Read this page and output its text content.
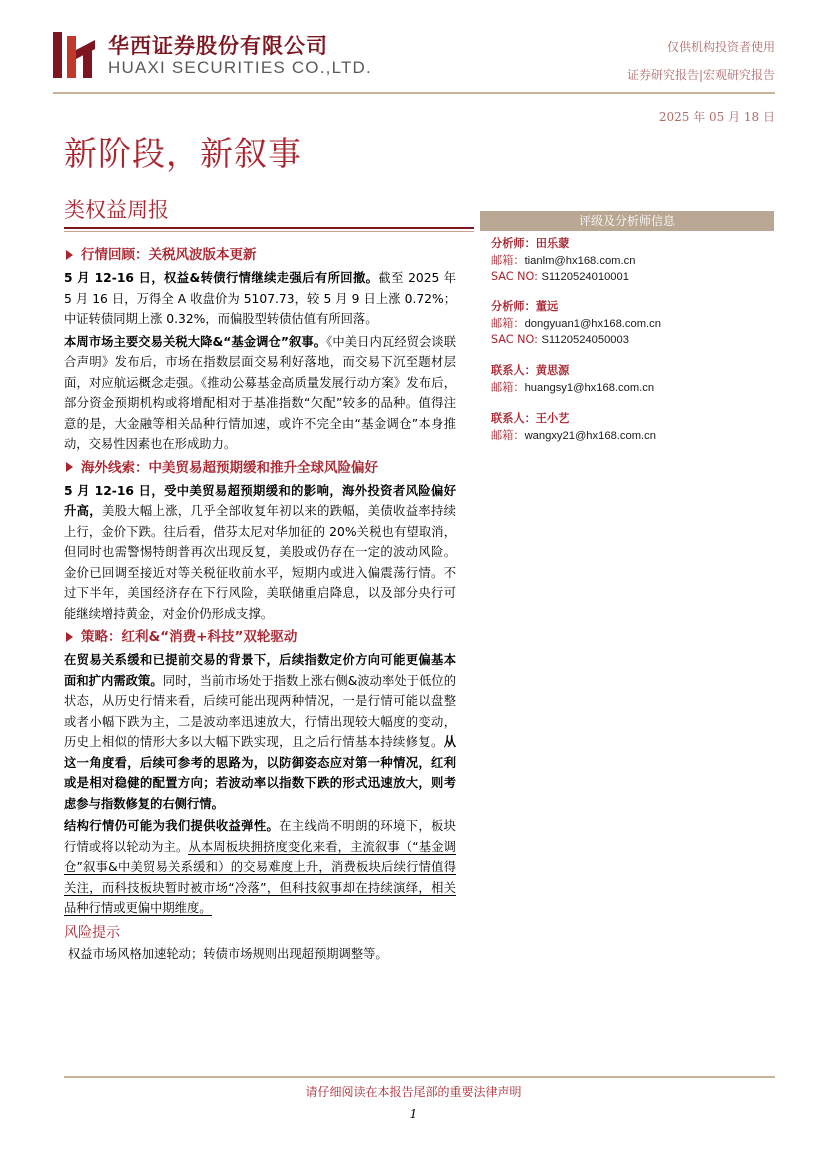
华西证券股份有限公司
HUAXI SECURITIES CO.,LTD.
仅供机构投资者使用
证券研究报告|宏观研究报告
2025 年 05 月 18 日
新阶段，新叙事
类权益周报
行情回顾：关税风波版本更新
5 月 12-16 日，权益&转债行情继续走强后有所回撤。截至 2025 年 5 月 16 日，万得全 A 收盘价为 5107.73，较 5 月 9 日上涨 0.72%；中证转债同期上涨 0.32%，而偏股型转债估值有所回落。
本周市场主要交易关税大降&“基金调仓”叙事。《中美日内瓦经贸会谈联合声明》发布后，市场在指数层面交易利好落地，而交易下沉至题材层面，对应航运概念走强。《推动公募基金高质量发展行动方案》发布后，部分资金预期机构或将增配相对于基准指数“欠配”较多的品种。值得注意的是，大金融等相关品种行情加速，或许不完全由“基金调仓”本身推动，交易性因素也在形成助力。
海外线索：中美贸易超预期缓和推升全球风险偏好
5 月 12-16 日，受中美贸易超预期缓和的影响，海外投资者风险偏好升高，美股大幅上涨，几乎全部收复年初以来的跌幅，美债收益率持续上行，金价下跌。往后看，借芬太尼对华加征的 20%关税也有望取消，但同时也需警惕特朗普再次出现反复，美股或仍存在一定的波动风险。金价已回调至接近对等关税征收前水平，短期内或进入偏震荡行情。不过下半年，美国经济存在下行风险，美联储重启降息，以及部分央行可能继续增持黄金，对金价仍形成支撑。
策略：红利&“消费+科技”双轮驱动
在贸易关系缓和已提前交易的背景下，后续指数定价方向可能更偏基本面和扩内需政策。同时，当前市场处于指数上涨右侧&波动率处于低位的状态，从历史行情来看，后续可能出现两种情况，一是行情可能以盘整或者小幅下跌为主，二是波动率迅速放大，行情出现较大幅度的变动，历史上相似的情形大多以大幅下跌实现，且之后行情基本持续修复。从这一角度看，后续可参考的思路为，以防御姿态应对第一种情况，红利或是相对稳健的配置方向；若波动率以指数下跌的形式迅速放大，则考虑参与指数修复的右侧行情。
结构行情仍可能为我们提供收益弹性。在主线尚不明朗的环境下，板块行情或将以轮动为主。从本周板块拥挤度变化来看，主流叙事（“基金调仓”叙事&中美贸易关系缓和）的交易难度上升，消费板块后续行情值得关注，而科技板块暂时被市场“冷落”，但科技叙事却在持续演绎，相关品种行情或更偏中期维度。
风险提示
权益市场风格加速轮动；转债市场规则出现超预期调整等。
评级及分析师信息
分析师：田乐蒙
邮箱：tianlm@hx168.com.cn
SAC NO: S1120524010001
分析师：董远
邮箱：dongyuan1@hx168.com.cn
SAC NO: S1120524050003
联系人：黄思源
邮箱：huangsy1@hx168.com.cn
联系人：王小艺
邮箱：wangxy21@hx168.com.cn
请仔细阅读在本报告尾部的重要法律声明
1
